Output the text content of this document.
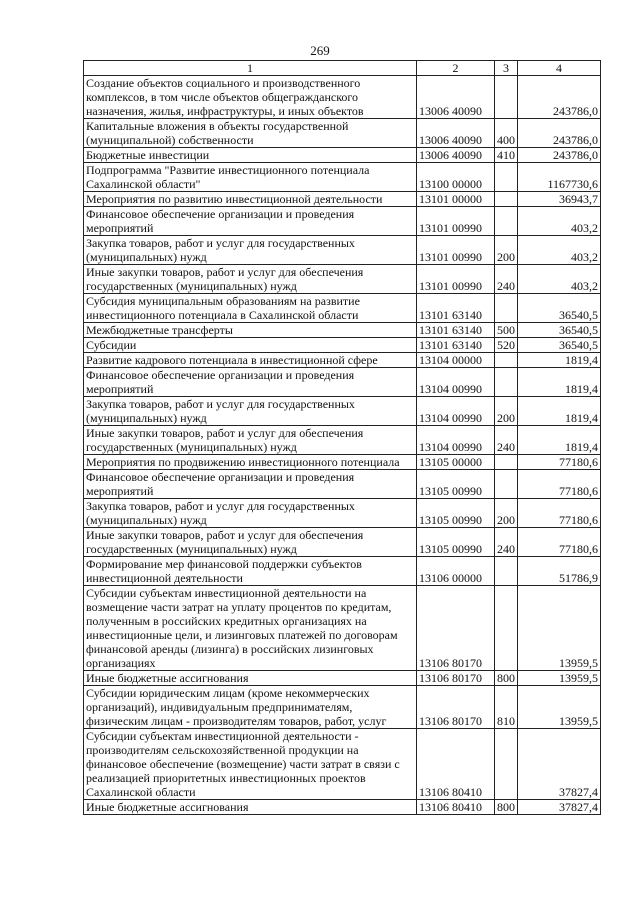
269
1	2	3	4
Создание объектов социального и производственного комплексов, в том числе объектов общегражданского назначения, жилья, инфраструктуры, и иных объектов	13006 40090		243786,0
Капитальные вложения в объекты государственной (муниципальной) собственности	13006 40090	400	243786,0
Бюджетные инвестиции	13006 40090	410	243786,0
Подпрограмма "Развитие инвестиционного потенциала Сахалинской области"	13100 00000		1167730,6
Мероприятия по развитию инвестиционной деятельности	13101 00000		36943,7
Финансовое обеспечение организации и проведения мероприятий	13101 00990		403,2
Закупка товаров, работ и услуг для государственных (муниципальных) нужд	13101 00990	200	403,2
Иные закупки товаров, работ и услуг для обеспечения государственных (муниципальных) нужд	13101 00990	240	403,2
Субсидия муниципальным образованиям на развитие инвестиционного потенциала в Сахалинской области	13101 63140		36540,5
Межбюджетные трансферты	13101 63140	500	36540,5
Субсидии	13101 63140	520	36540,5
Развитие кадрового потенциала в инвестиционной сфере	13104 00000		1819,4
Финансовое обеспечение организации и проведения мероприятий	13104 00990		1819,4
Закупка товаров, работ и услуг для государственных (муниципальных) нужд	13104 00990	200	1819,4
Иные закупки товаров, работ и услуг для обеспечения государственных (муниципальных) нужд	13104 00990	240	1819,4
Мероприятия по продвижению инвестиционного потенциала	13105 00000		77180,6
Финансовое обеспечение организации и проведения мероприятий	13105 00990		77180,6
Закупка товаров, работ и услуг для государственных (муниципальных) нужд	13105 00990	200	77180,6
Иные закупки товаров, работ и услуг для обеспечения государственных (муниципальных) нужд	13105 00990	240	77180,6
Формирование мер финансовой поддержки субъектов инвестиционной деятельности	13106 00000		51786,9
Субсидии субъектам инвестиционной деятельности на возмещение части затрат на уплату процентов по кредитам, полученным в российских кредитных организациях на инвестиционные цели, и лизинговых платежей по договорам финансовой аренды (лизинга) в российских лизинговых организациях	13106 80170		13959,5
Иные бюджетные ассигнования	13106 80170	800	13959,5
Субсидии юридическим лицам (кроме некоммерческих организаций), индивидуальным предпринимателям, физическим лицам - производителям товаров, работ, услуг	13106 80170	810	13959,5
Субсидии субъектам инвестиционной деятельности - производителям сельскохозяйственной продукции на финансовое обеспечение (возмещение) части затрат в связи с реализацией приоритетных инвестиционных проектов Сахалинской области	13106 80410		37827,4
Иные бюджетные ассигнования	13106 80410	800	37827,4
